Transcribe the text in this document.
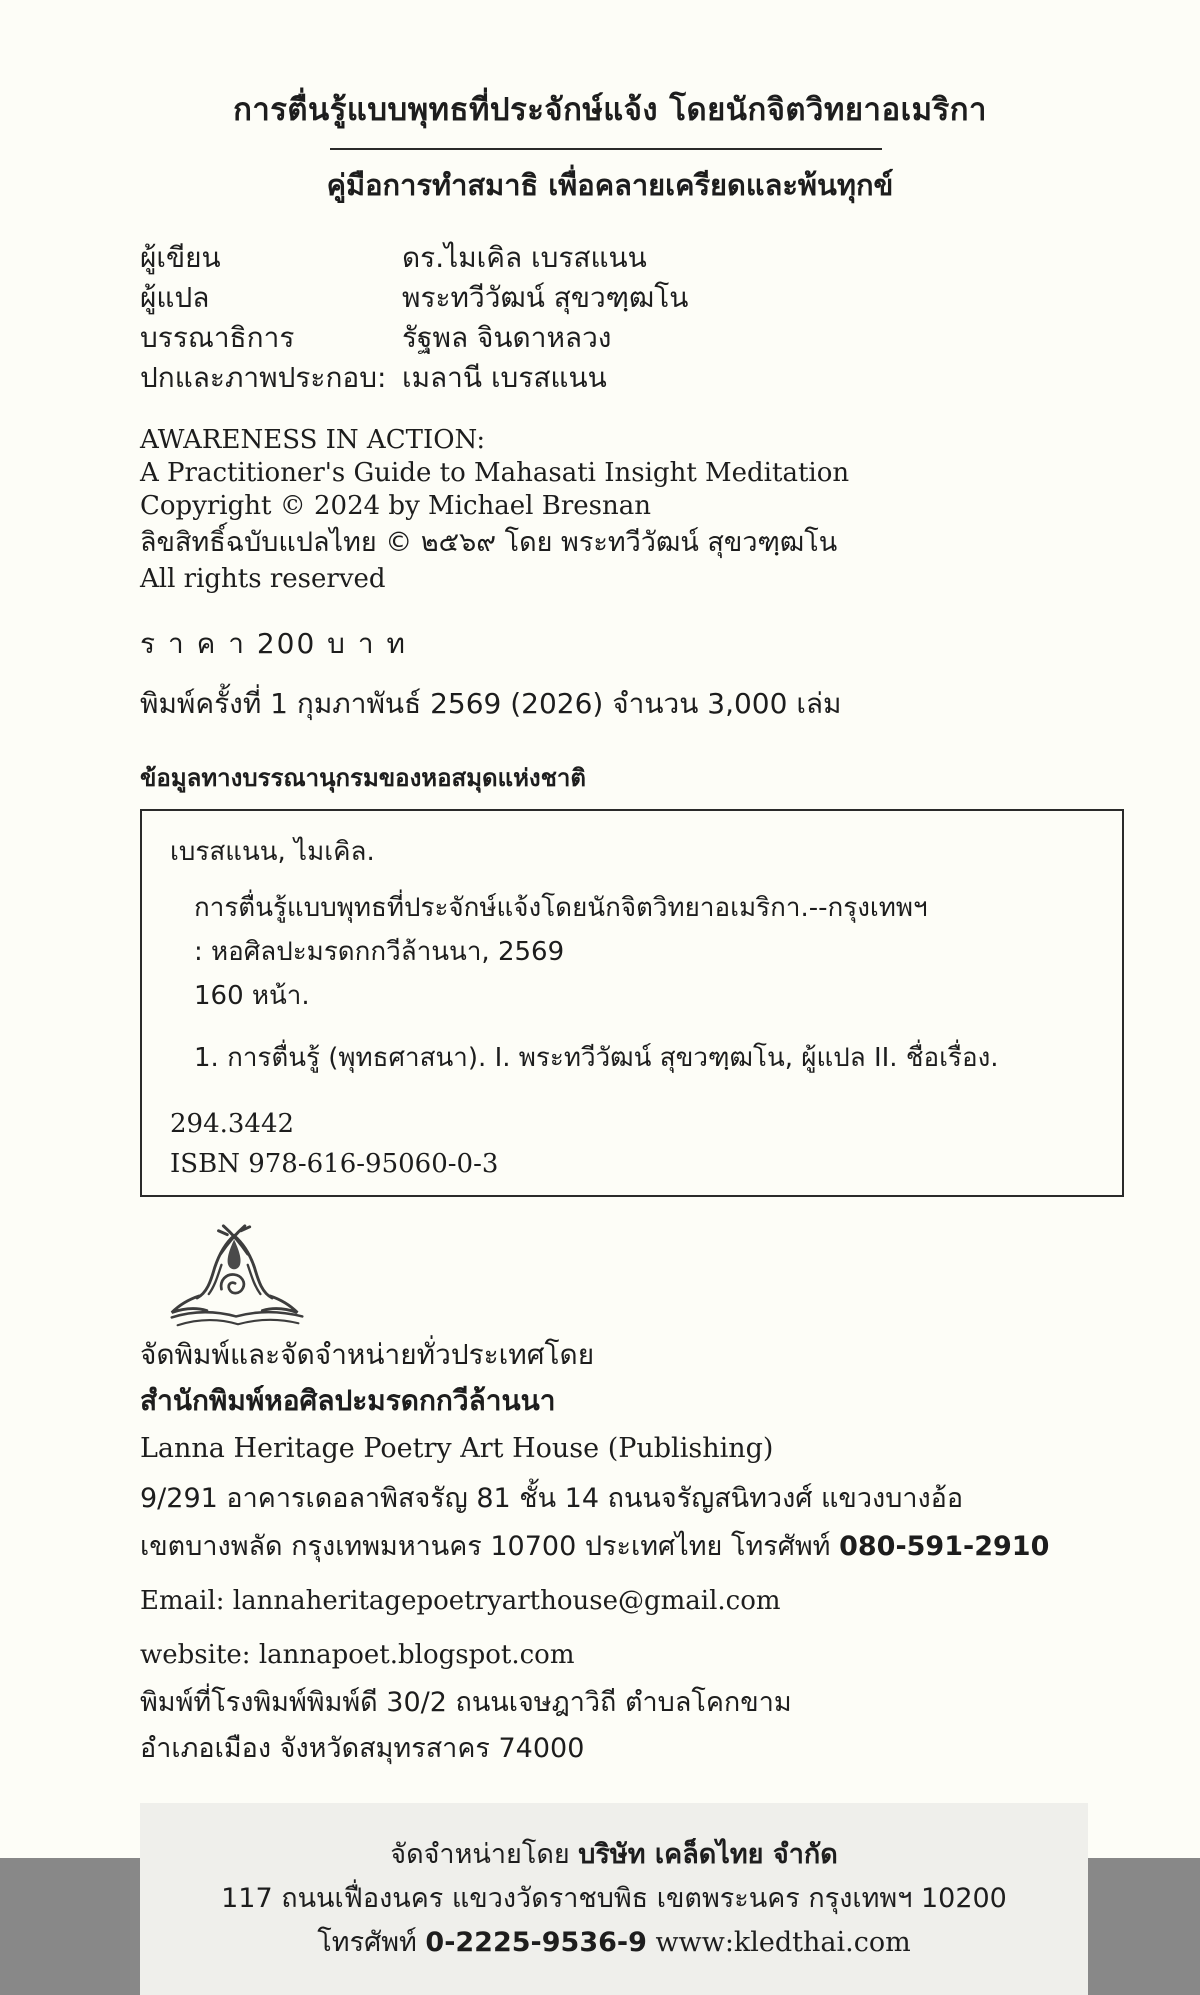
การตื่นรู้แบบพุทธที่ประจักษ์แจ้ง โดยนักจิตวิทยาอเมริกา
คู่มือการทำสมาธิ เพื่อคลายเครียดและพ้นทุกข์
ผู้เขียน	ดร.ไมเคิล เบรสแนน
ผู้แปล	พระทวีวัฒน์ สุขวฑฺฒโน
บรรณาธิการ	รัฐพล จินดาหลวง
ปกและภาพประกอบ: เมลานี เบรสแนน
AWARENESS IN ACTION:
A Practitioner's Guide to Mahasati Insight Meditation
Copyright © 2024 by Michael Bresnan
ลิขสิทธิ์ฉบับแปลไทย © ๒๕๖๙ โดย พระทวีวัฒน์ สุขวฑฺฒโน
All rights reserved
ร า ค า 200 บ า ท
พิมพ์ครั้งที่ 1 กุมภาพันธ์ 2569 (2026) จำนวน 3,000 เล่ม
ข้อมูลทางบรรณานุกรมของหอสมุดแห่งชาติ
เบรสแนน, ไมเคิล.
การตื่นรู้แบบพุทธที่ประจักษ์แจ้งโดยนักจิตวิทยาอเมริกา.--กรุงเทพฯ
: หอศิลปะมรดกกวีล้านนา, 2569
160 หน้า.
1. การตื่นรู้ (พุทธศาสนา). I. พระทวีวัฒน์ สุขวฑฺฒโน, ผู้แปล II. ชื่อเรื่อง.
294.3442
ISBN 978-616-95060-0-3
จัดพิมพ์และจัดจำหน่ายทั่วประเทศโดย
สำนักพิมพ์หอศิลปะมรดกกวีล้านนา
Lanna Heritage Poetry Art House (Publishing)
9/291 อาคารเดอลาพิสจรัญ 81 ชั้น 14 ถนนจรัญสนิทวงศ์ แขวงบางอ้อ
เขตบางพลัด กรุงเทพมหานคร 10700 ประเทศไทย โทรศัพท์ 080-591-2910
Email: lannaheritagepoetryarthouse@gmail.com
website: lannapoet.blogspot.com
พิมพ์ที่โรงพิมพ์พิมพ์ดี 30/2 ถนนเจษฎาวิถี ตำบลโคกขาม
อำเภอเมือง จังหวัดสมุทรสาคร 74000
จัดจำหน่ายโดย บริษัท เคล็ดไทย จำกัด
117 ถนนเฟื่องนคร แขวงวัดราชบพิธ เขตพระนคร กรุงเทพฯ 10200
โทรศัพท์ 0-2225-9536-9 www:kledthai.com
